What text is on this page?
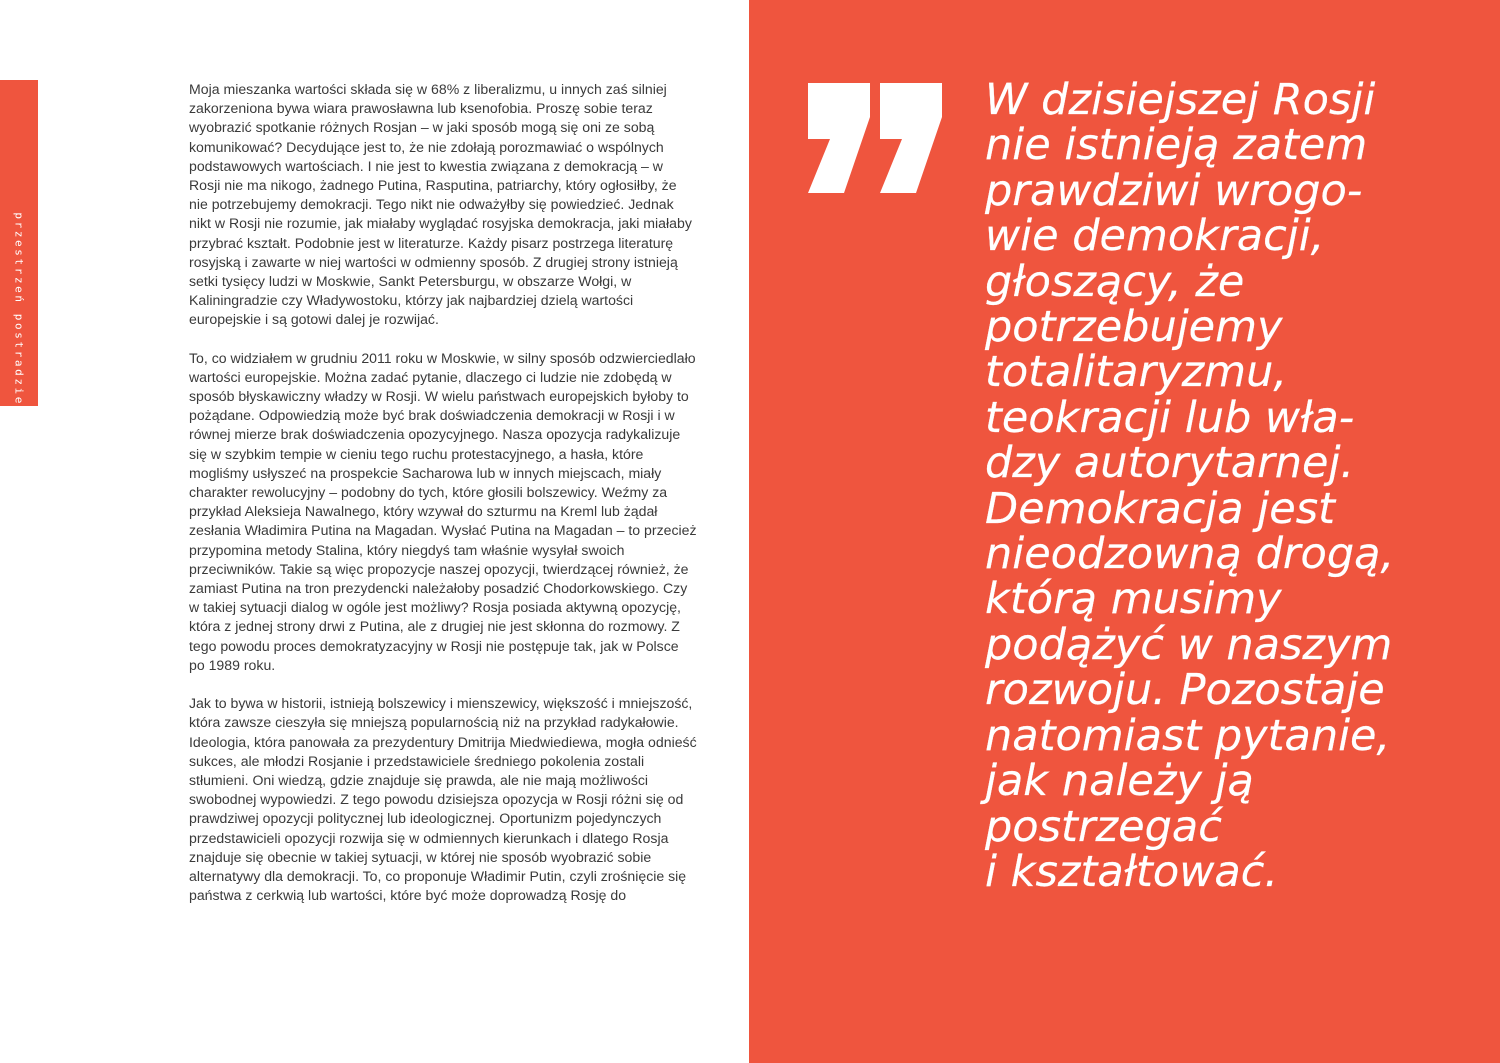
przestrzeń postradziecka

Moja mieszanka wartości składa się w 68% z liberalizmu, u innych zaś silniej zakorzeniona bywa wiara prawosławna lub ksenofobia. Proszę sobie teraz wyobrazić spotkanie różnych Rosjan – w jaki sposób mogą się oni ze sobą komunikować? Decydujące jest to, że nie zdołają porozmawiać o wspólnych podstawowych wartościach. I nie jest to kwestia związana z demokracją – w Rosji nie ma nikogo, żadnego Putina, Rasputina, patriarchy, który ogłosiłby, że nie potrzebujemy demokracji. Tego nikt nie odważyłby się powiedzieć. Jednak nikt w Rosji nie rozumie, jak miałaby wyglądać rosyjska demokracja, jaki miałaby przybrać kształt. Podobnie jest w literaturze. Każdy pisarz postrzega literaturę rosyjską i zawarte w niej wartości w odmienny sposób. Z drugiej strony istnieją setki tysięcy ludzi w Moskwie, Sankt Petersburgu, w obszarze Wołgi, w Kaliningradzie czy Władywostoku, którzy jak najbardziej dzielą wartości europejskie i są gotowi dalej je rozwijać.

To, co widziałem w grudniu 2011 roku w Moskwie, w silny sposób odzwierciedlało wartości europejskie. Można zadać pytanie, dlaczego ci ludzie nie zdobędą w sposób błyskawiczny władzy w Rosji. W wielu państwach europejskich byłoby to pożądane. Odpowiedzią może być brak doświadczenia demokracji w Rosji i w równej mierze brak doświadczenia opozycyjnego. Nasza opozycja radykalizuje się w szybkim tempie w cieniu tego ruchu protestacyjnego, a hasła, które mogliśmy usłyszeć na prospekcie Sacharowa lub w innych miejscach, miały charakter rewolucyjny – podobny do tych, które głosili bolszewicy. Weźmy za przykład Aleksieja Nawalnego, który wzywał do szturmu na Kreml lub żądał zesłania Władimira Putina na Magadan. Wysłać Putina na Magadan – to przecież przypomina metody Stalina, który niegdyś tam właśnie wysyłał swoich przeciwników. Takie są więc propozycje naszej opozycji, twierdzącej również, że zamiast Putina na tron prezydencki należałoby posadzić Chodorkowskiego. Czy w takiej sytuacji dialog w ogóle jest możliwy? Rosja posiada aktywną opozycję, która z jednej strony drwi z Putina, ale z drugiej nie jest skłonna do rozmowy. Z tego powodu proces demokratyzacyjny w Rosji nie postępuje tak, jak w Polsce po 1989 roku.

Jak to bywa w historii, istnieją bolszewicy i mienszewicy, większość i mniejszość, która zawsze cieszyła się mniejszą popularnością niż na przykład radykałowie. Ideologia, która panowała za prezydentury Dmitrija Miedwiediewa, mogła odnieść sukces, ale młodzi Rosjanie i przedstawiciele średniego pokolenia zostali stłumieni. Oni wiedzą, gdzie znajduje się prawda, ale nie mają możliwości swobodnej wypowiedzi. Z tego powodu dzisiejsza opozycja w Rosji różni się od prawdziwej opozycji politycznej lub ideologicznej. Oportunizm pojedynczych przedstawicieli opozycji rozwija się w odmiennych kierunkach i dlatego Rosja znajduje się obecnie w takiej sytuacji, w której nie sposób wyobrazić sobie alternatywy dla demokracji. To, co proponuje Władimir Putin, czyli zrośnięcie się państwa z cerkwią lub wartości, które być może doprowadzą Rosję do

W dzisiejszej Rosji
nie istnieją zatem
prawdziwi wrogo-
wie demokracji,
głoszący, że
potrzebujemy
totalitaryzmu,
teokracji lub wła-
dzy autorytarnej.
Demokracja jest
nieodzowną drogą,
którą musimy
podążyć w naszym
rozwoju. Pozostaje
natomiast pytanie,
jak należy ją
postrzegać
i kształtować.
